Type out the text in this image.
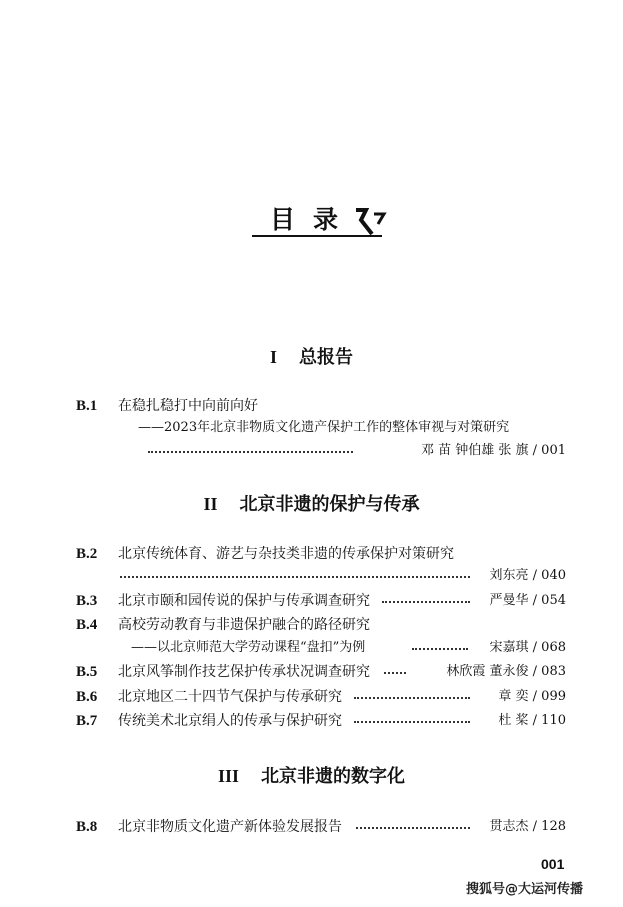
目录
I 总报告
B.1 在稳扎稳打中向前向好
——2023年北京非物质文化遗产保护工作的整体审视与对策研究
邓 苗 钟伯雄 张 旗 / 001
II 北京非遗的保护与传承
B.2 北京传统体育、游艺与杂技类非遗的传承保护对策研究
刘东亮 / 040
B.3 北京市颐和园传说的保护与传承调查研究	严曼华 / 054
B.4 高校劳动教育与非遗保护融合的路径研究
——以北京师范大学劳动课程“盘扣”为例	宋嘉琪 / 068
B.5 北京风筝制作技艺保护传承状况调查研究	林欣霞 董永俊 / 083
B.6 北京地区二十四节气保护与传承研究	章 奕 / 099
B.7 传统美术北京绢人的传承与保护研究	杜 桨 / 110
III 北京非遗的数字化
B.8 北京非物质文化遗产新体验发展报告	贯志杰 / 128
001
搜狐号@大运河传播
